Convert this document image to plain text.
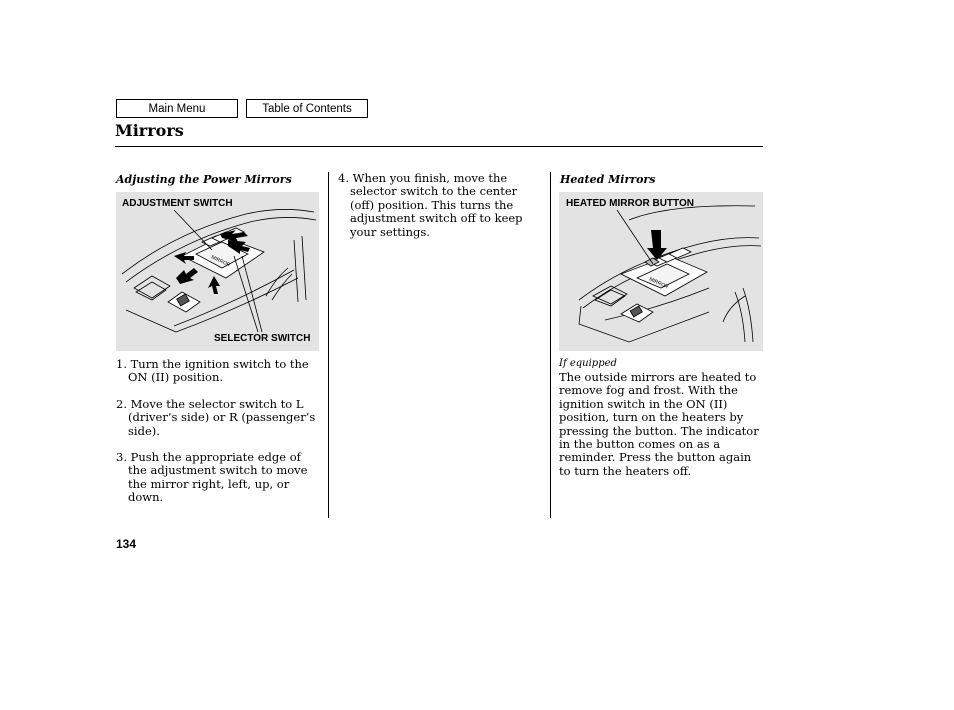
Main Menu	Table of Contents
Mirrors
Adjusting the Power Mirrors
MIRROR
ADJUSTMENT SWITCH
SELECTOR SWITCH
1. Turn the ignition switch to the ON (II) position.
2. Move the selector switch to L (driver’s side) or R (passenger’s side).
3. Push the appropriate edge of the adjustment switch to move the mirror right, left, up, or down.
4. When you finish, move the selector switch to the center (off) position. This turns the adjustment switch off to keep your settings.
Heated Mirrors
MIRROR
HEATED MIRROR BUTTON
If equipped
The outside mirrors are heated to remove fog and frost. With the ignition switch in the ON (II) position, turn on the heaters by pressing the button. The indicator in the button comes on as a reminder. Press the button again to turn the heaters off.
134
